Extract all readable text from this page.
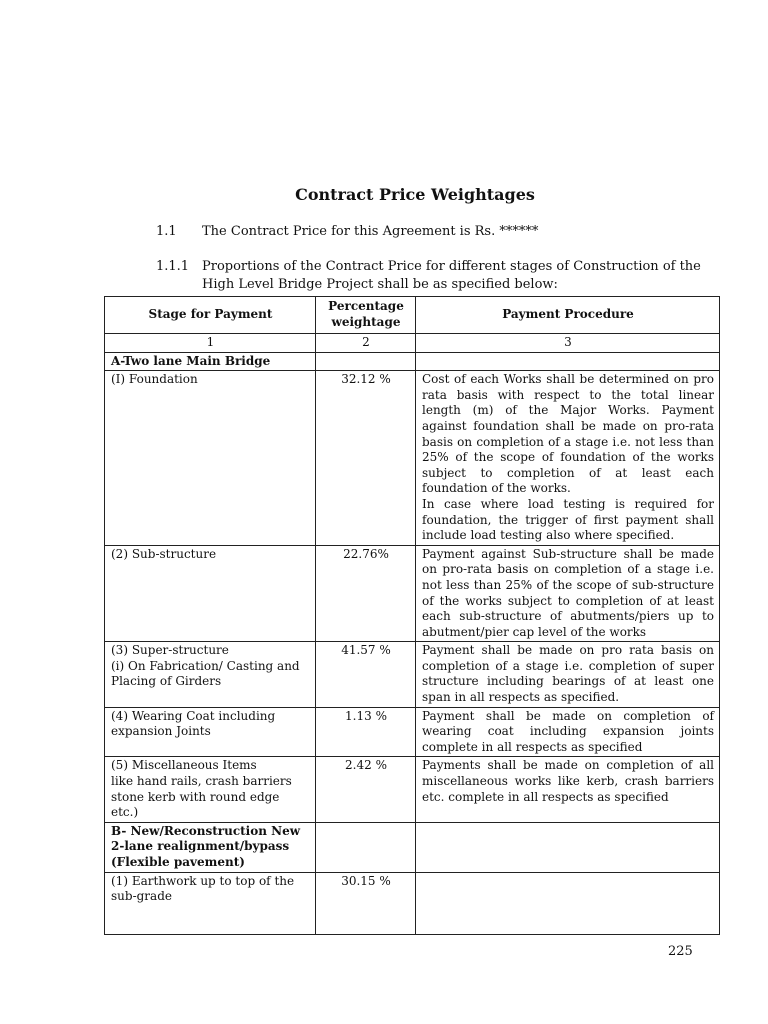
Contract Price Weightages
1.1 The Contract Price for this Agreement is Rs. ******
1.1.1 Proportions of the Contract Price for different stages of Construction of the High Level Bridge Project shall be as specified below:
Stage for Payment	Percentage weightage	Payment Procedure
1	2	3
A-Two lane Main Bridge		
(I) Foundation	32.12 %	Cost of each Works shall be determined on pro rata basis with respect to the total linear length (m) of the Major Works. Payment against foundation shall be made on pro-rata basis on completion of a stage i.e. not less than 25% of the scope of foundation of the works subject to completion of at least each foundation of the works.
In case where load testing is required for foundation, the trigger of first payment shall include load testing also where specified.

(2) Sub-structure	22.76%	Payment against Sub-structure shall be made on pro-rata basis on completion of a stage i.e. not less than 25% of the scope of sub-structure of the works subject to completion of at least each sub-structure of abutments/piers up to abutment/pier cap level of the works

(3) Super-structure
(i) On Fabrication/ Casting and Placing of Girders	41.57 %	Payment shall be made on pro rata basis on completion of a stage i.e. completion of super structure including bearings of at least one span in all respects as specified.
(4) Wearing Coat including expansion Joints	1.13 %	Payment shall be made on completion of wearing coat including expansion joints complete in all respects as specified

(5) Miscellaneous Items
like hand rails, crash barriers
stone kerb with round edge
etc.)	2.42 %	Payments shall be made on completion of all miscellaneous works like kerb, crash barriers etc. complete in all respects as specified
B- New/Reconstruction New 2-lane realignment/bypass (Flexible pavement)		
(1) Earthwork up to top of the sub-grade	30.15 %	
225
